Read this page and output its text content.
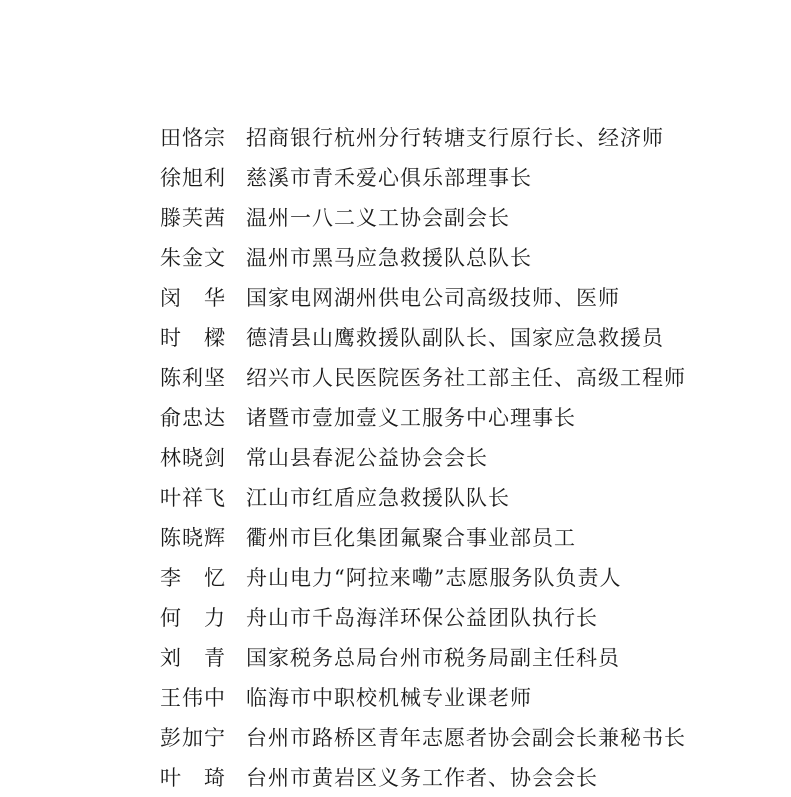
田恪宗 招商银行杭州分行转塘支行原行长、经济师
徐旭利 慈溪市青禾爱心俱乐部理事长
滕芙茜 温州一八二义工协会副会长
朱金文 温州市黑马应急救援队总队长
闵　华 国家电网湖州供电公司高级技师、医师
时　樑 德清县山鹰救援队副队长、国家应急救援员
陈利坚 绍兴市人民医院医务社工部主任、高级工程师
俞忠达 诸暨市壹加壹义工服务中心理事长
林晓剑 常山县春泥公益协会会长
叶祥飞 江山市红盾应急救援队队长
陈晓辉 衢州市巨化集团氟聚合事业部员工
李　忆 舟山电力“阿拉来嘞”志愿服务队负责人
何　力 舟山市千岛海洋环保公益团队执行长
刘　青 国家税务总局台州市税务局副主任科员
王伟中 临海市中职校机械专业课老师
彭加宁 台州市路桥区青年志愿者协会副会长兼秘书长
叶　琦 台州市黄岩区义务工作者、协会会长
